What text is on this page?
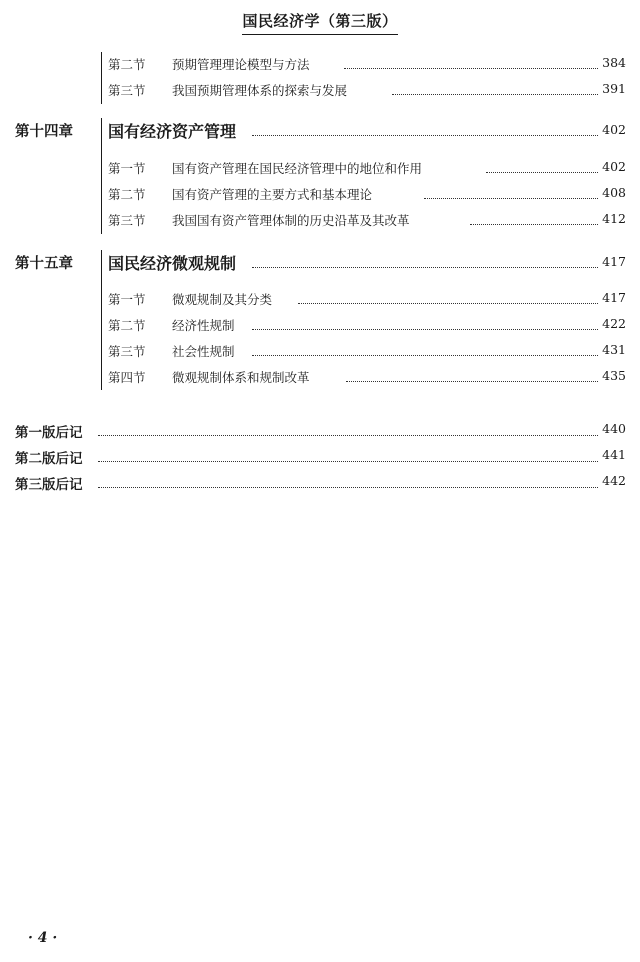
国民经济学（第三版）
第二节 预期管理理论模型与方法	384
第三节 我国预期管理体系的探索与发展	391
第十四章 国有经济资产管理	402
第一节 国有资产管理在国民经济管理中的地位和作用	402
第二节 国有资产管理的主要方式和基本理论	408
第三节 我国国有资产管理体制的历史沿革及其改革	412
第十五章 国民经济微观规制	417
第一节 微观规制及其分类	417
第二节 经济性规制	422
第三节 社会性规制	431
第四节 微观规制体系和规制改革	435
第一版后记	440
第二版后记	441
第三版后记	442
· 4 ·
